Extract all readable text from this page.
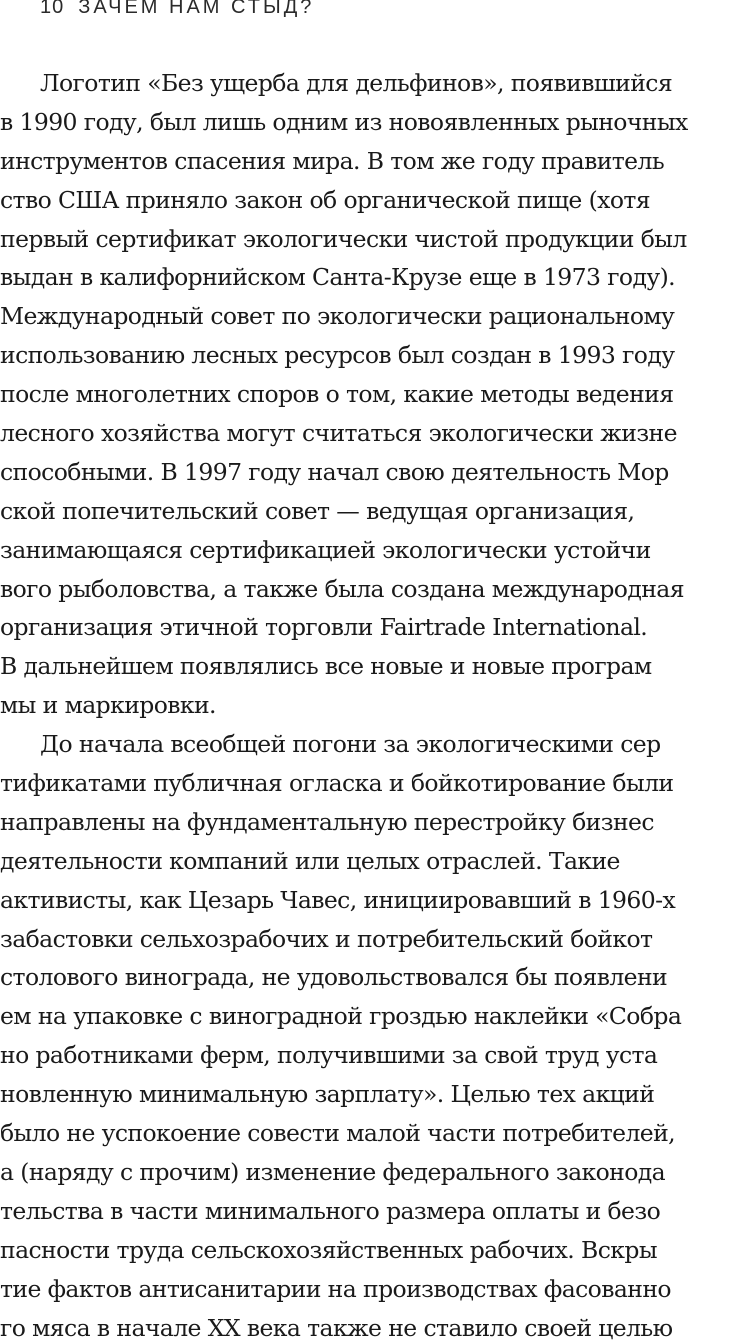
10 ЗАЧЕМ НАМ СТЫД?
Логотип «Без ущерба для дельфинов», появившийся
в 1990 году, был лишь одним из новоявленных рыночных
инструментов спасения мира. В том же году правитель
ство США приняло закон об органической пище (хотя
первый сертификат экологически чистой продукции был
выдан в калифорнийском Санта-Крузе еще в 1973 году).
Международный совет по экологически рациональному
использованию лесных ресурсов был создан в 1993 году
после многолетних споров о том, какие методы ведения
лесного хозяйства могут считаться экологически жизне
способными. В 1997 году начал свою деятельность Мор
ской попечительский совет — ведущая организация,
занимающаяся сертификацией экологически устойчи
вого рыболовства, а также была создана международная
организация этичной торговли Fairtrade International.
В дальнейшем появлялись все новые и новые програм
мы и маркировки.
До начала всеобщей погони за экологическими сер
тификатами публичная огласка и бойкотирование были
направлены на фундаментальную перестройку бизнес
деятельности компаний или целых отраслей. Такие
активисты, как Цезарь Чавес, инициировавший в 1960-х
забастовки сельхозрабочих и потребительский бойкот
столового винограда, не удовольствовался бы появлени
ем на упаковке с виноградной гроздью наклейки «Собра
но работниками ферм, получившими за свой труд уста
новленную минимальную зарплату». Целью тех акций
было не успокоение совести малой части потребителей,
а (наряду с прочим) изменение федерального законода
тельства в части минимального размера оплаты и безо
пасности труда сельскохозяйственных рабочих. Вскры
тие фактов антисанитарии на производствах фасованно
го мяса в начале XX века также не ставило своей целью
